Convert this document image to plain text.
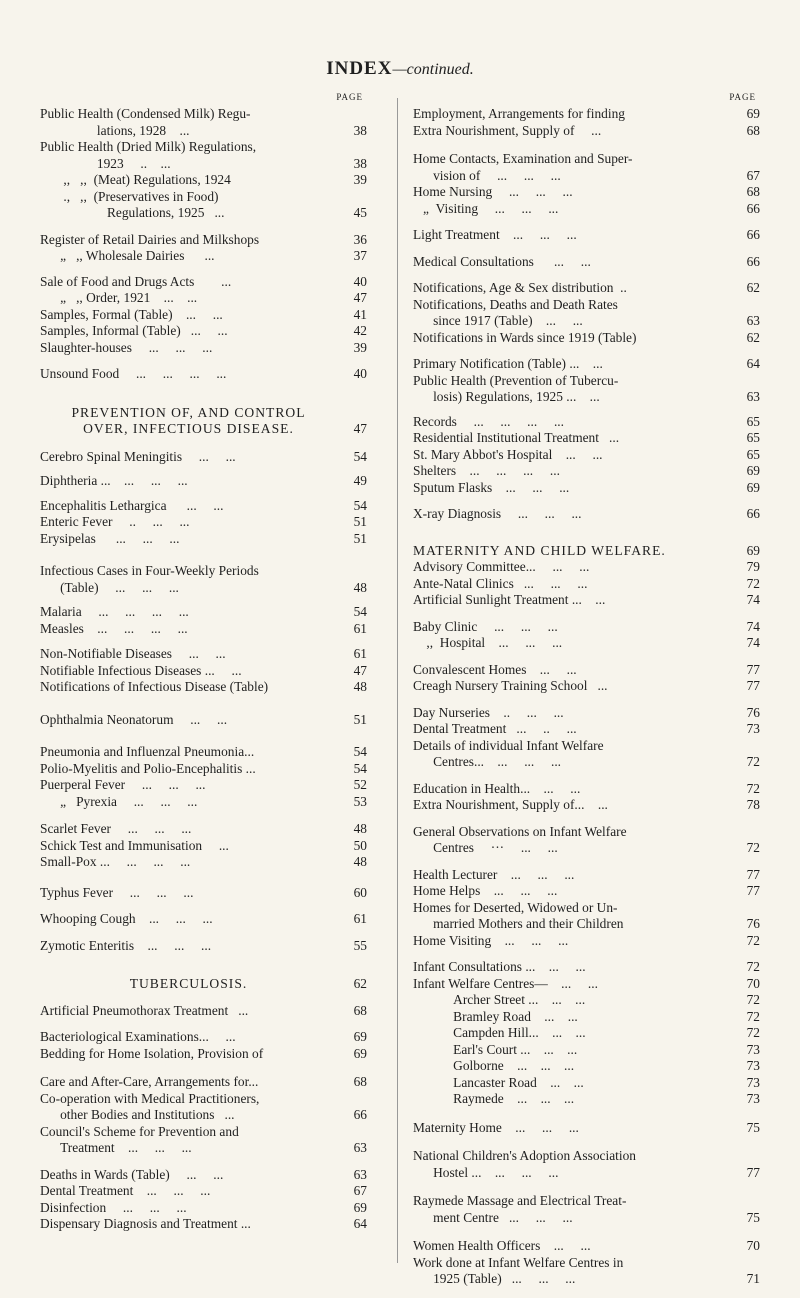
INDEX—continued.
PAGE
Public Health (Condensed Milk) Regu-
lations, 1928    ...	38
Public Health (Dried Milk) Regulations,
1923     ..    ...	38
,,   ,,  (Meat) Regulations, 1924	39
.,   ,,  (Preservatives in Food)
Regulations, 1925   ...	45
Register of Retail Dairies and Milkshops	36
„   ,, Wholesale Dairies      ...	37
Sale of Food and Drugs Acts        ...	40
„   ,, Order, 1921    ...    ...	47
Samples, Formal (Table)    ...     ...	41
Samples, Informal (Table)   ...     ...	42
Slaughter-houses     ...     ...     ...	39
Unsound Food     ...     ...     ...     ...	40
PREVENTION OF, AND CONTROL
OVER, INFECTIOUS DISEASE.	47
Cerebro Spinal Meningitis     ...     ...	54
Diphtheria ...    ...     ...     ...	49
Encephalitis Lethargica      ...     ...	54
Enteric Fever     ..     ...     ...	51
Erysipelas      ...     ...     ...	51
Infectious Cases in Four-Weekly Periods
(Table)     ...     ...     ...	48
Malaria     ...     ...     ...     ...	54
Measles    ...     ...     ...     ...	61
Non-Notifiable Diseases     ...     ...	61
Notifiable Infectious Diseases ...     ...	47
Notifications of Infectious Disease (Table)	48
Ophthalmia Neonatorum     ...     ...	51
Pneumonia and Influenzal Pneumonia...	54
Polio-Myelitis and Polio-Encephalitis ...	54
Puerperal Fever     ...     ...     ...	52
„   Pyrexia     ...     ...     ...	53
Scarlet Fever     ...     ...     ...	48
Schick Test and Immunisation     ...	50
Small-Pox ...     ...     ...     ...	48
Typhus Fever     ...     ...     ...	60
Whooping Cough    ...     ...     ...	61
Zymotic Enteritis    ...     ...     ...	55
TUBERCULOSIS.	62
Artificial Pneumothorax Treatment   ...	68
Bacteriological Examinations...     ...	69
Bedding for Home Isolation, Provision of	69
Care and After-Care, Arrangements for...	68
Co-operation with Medical Practitioners,
other Bodies and Institutions   ...	66
Council's Scheme for Prevention and
Treatment    ...     ...     ...	63
Deaths in Wards (Table)     ...     ...	63
Dental Treatment    ...     ...     ...	67
Disinfection     ...     ...     ...	69
Dispensary Diagnosis and Treatment ...	64
PAGE
Employment, Arrangements for finding	69
Extra Nourishment, Supply of     ...	68
Home Contacts, Examination and Super-
vision of     ...     ...     ...	67
Home Nursing     ...     ...     ...	68
„  Visiting     ...     ...     ...	66
Light Treatment    ...     ...     ...	66
Medical Consultations      ...     ...	66
Notifications, Age & Sex distribution  ..	62
Notifications, Deaths and Death Rates
since 1917 (Table)    ...     ...	63
Notifications in Wards since 1919 (Table)	62
Primary Notification (Table) ...    ...	64
Public Health (Prevention of Tubercu-
losis) Regulations, 1925 ...    ...	63
Records     ...     ...     ...     ...	65
Residential Institutional Treatment   ...	65
St. Mary Abbot's Hospital    ...     ...	65
Shelters    ...     ...     ...     ...	69
Sputum Flasks    ...     ...     ...	69
X-ray Diagnosis     ...     ...     ...	66
MATERNITY AND CHILD WELFARE.	69
Advisory Committee...     ...     ...	79
Ante-Natal Clinics   ...     ...     ...	72
Artificial Sunlight Treatment ...    ...	74
Baby Clinic     ...     ...     ...	74
,,  Hospital    ...     ...     ...	74
Convalescent Homes    ...     ...	77
Creagh Nursery Training School   ...	77
Day Nurseries    ..     ...     ...	76
Dental Treatment   ...     ..     ...	73
Details of individual Infant Welfare
Centres...    ...     ...     ...	72
Education in Health...    ...     ...	72
Extra Nourishment, Supply of...    ...	78
General Observations on Infant Welfare
Centres     ···     ...     ...	72
Health Lecturer    ...     ...     ...	77
Home Helps    ...     ...     ...	77
Homes for Deserted, Widowed or Un-
married Mothers and their Children	76
Home Visiting    ...     ...     ...	72
Infant Consultations ...    ...     ...	72
Infant Welfare Centres—    ...     ...	70
Archer Street ...    ...    ...	72
Bramley Road    ...    ...	72
Campden Hill...    ...    ...	72
Earl's Court ...    ...    ...	73
Golborne    ...    ...    ...	73
Lancaster Road    ...    ...	73
Raymede    ...    ...    ...	73
Maternity Home    ...     ...     ...	75
National Children's Adoption Association
Hostel ...    ...     ...     ...	77
Raymede Massage and Electrical Treat-
ment Centre   ...     ...     ...	75
Women Health Officers    ...     ...	70
Work done at Infant Welfare Centres in
1925 (Table)   ...     ...     ...	71
